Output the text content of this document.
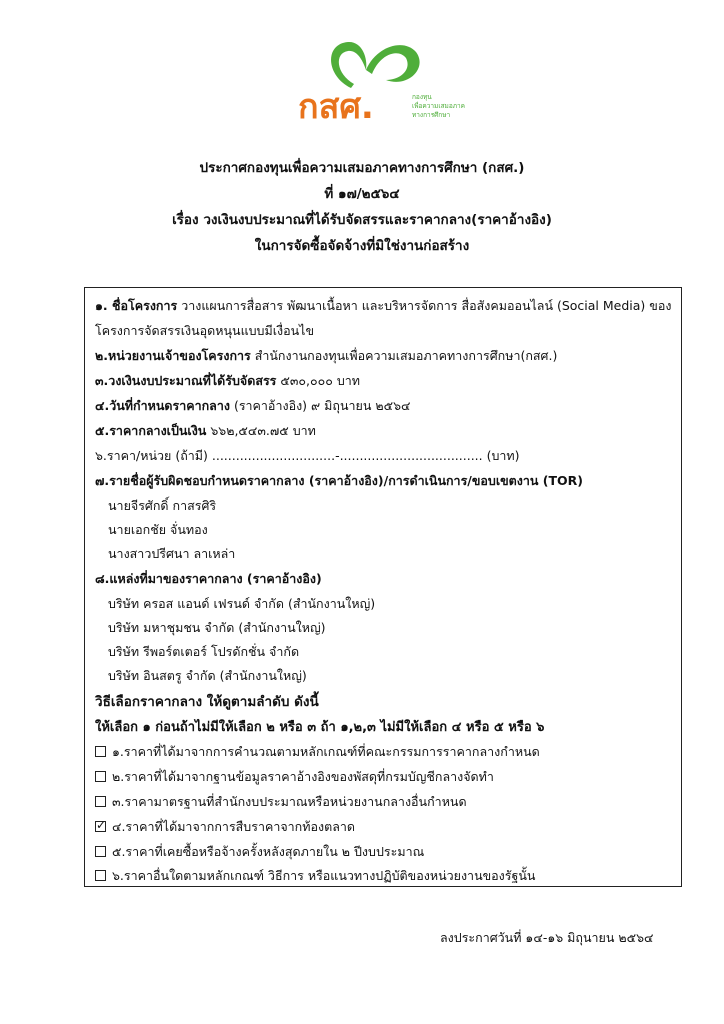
กสศ.	กองทุน
เพื่อความเสมอภาค
ทางการศึกษา
ประกาศกองทุนเพื่อความเสมอภาคทางการศึกษา (กสศ.)
ที่ ๑๗/๒๕๖๔
เรื่อง วงเงินงบประมาณที่ได้รับจัดสรรและราคากลาง(ราคาอ้างอิง)
ในการจัดซื้อจัดจ้างที่มิใช่งานก่อสร้าง
๑. ชื่อโครงการ วางแผนการสื่อสาร พัฒนาเนื้อหา และบริหารจัดการ สื่อสังคมออนไลน์ (Social Media) ของ
โครงการจัดสรรเงินอุดหนุนแบบมีเงื่อนไข
๒.หน่วยงานเจ้าของโครงการ สำนักงานกองทุนเพื่อความเสมอภาคทางการศึกษา(กสศ.)
๓.วงเงินงบประมาณที่ได้รับจัดสรร ๕๓๐,๐๐๐ บาท
๔.วันที่กำหนดราคากลาง (ราคาอ้างอิง) ๙ มิถุนายน ๒๕๖๔
๕.ราคากลางเป็นเงิน ๖๖๒,๕๔๓.๗๕ บาท
๖.ราคา/หน่วย (ถ้ามี) ...............................-.................................... (บาท)
๗.รายชื่อผู้รับผิดชอบกำหนดราคากลาง (ราคาอ้างอิง)/การดำเนินการ/ขอบเขตงาน (TOR)
นายจีรศักดิ์ กาสรศิริ
นายเอกชัย จั่นทอง
นางสาวปรีศนา ลาเหล่า
๘.แหล่งที่มาของราคากลาง (ราคาอ้างอิง)
บริษัท ครอส แอนด์ เฟรนด์ จำกัด (สำนักงานใหญ่)
บริษัท มหาชุมชน จำกัด (สำนักงานใหญ่)
บริษัท รีพอร์ตเตอร์ โปรดักชั่น จำกัด
บริษัท อินสตรู จำกัด (สำนักงานใหญ่)
วิธีเลือกราคากลาง ให้ดูตามลำดับ ดังนี้
ให้เลือก ๑ ก่อนถ้าไม่มีให้เลือก ๒ หรือ ๓ ถ้า ๑,๒,๓ ไม่มีให้เลือก ๔ หรือ ๕ หรือ ๖
๑.ราคาที่ได้มาจากการคำนวณตามหลักเกณฑ์ที่คณะกรรมการราคากลางกำหนด
๒.ราคาที่ได้มาจากฐานข้อมูลราคาอ้างอิงของพัสดุที่กรมบัญชีกลางจัดทำ
๓.ราคามาตรฐานที่สำนักงบประมาณหรือหน่วยงานกลางอื่นกำหนด
✓๔.ราคาที่ได้มาจากการสืบราคาจากท้องตลาด
๕.ราคาที่เคยซื้อหรือจ้างครั้งหลังสุดภายใน ๒ ปีงบประมาณ
๖.ราคาอื่นใดตามหลักเกณฑ์ วิธีการ หรือแนวทางปฏิบัติของหน่วยงานของรัฐนั้น
ลงประกาศวันที่ ๑๔-๑๖ มิถุนายน ๒๕๖๔
